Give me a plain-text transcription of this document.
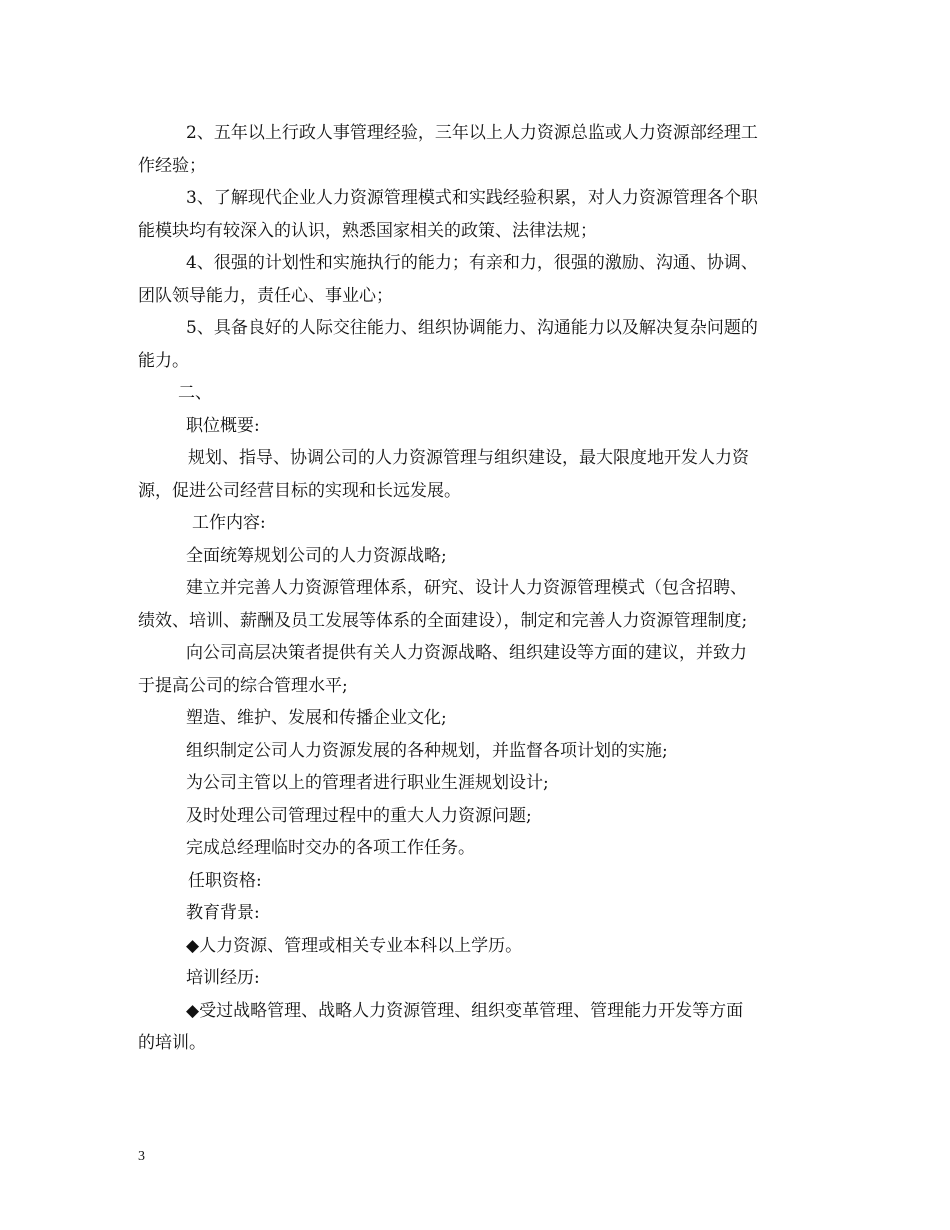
2、五年以上行政人事管理经验，三年以上人力资源总监或人力资源部经理工
作经验；
3、了解现代企业人力资源管理模式和实践经验积累，对人力资源管理各个职
能模块均有较深入的认识，熟悉国家相关的政策、法律法规；
4、很强的计划性和实施执行的能力；有亲和力，很强的激励、沟通、协调、
团队领导能力，责任心、事业心；
5、具备良好的人际交往能力、组织协调能力、沟通能力以及解决复杂问题的
能力。
二、
职位概要:
规划、指导、协调公司的人力资源管理与组织建设，最大限度地开发人力资
源，促进公司经营目标的实现和长远发展。
工作内容:
全面统筹规划公司的人力资源战略;
建立并完善人力资源管理体系，研究、设计人力资源管理模式（包含招聘、
绩效、培训、薪酬及员工发展等体系的全面建设），制定和完善人力资源管理制度;
向公司高层决策者提供有关人力资源战略、组织建设等方面的建议，并致力
于提高公司的综合管理水平;
塑造、维护、发展和传播企业文化;
组织制定公司人力资源发展的各种规划，并监督各项计划的实施;
为公司主管以上的管理者进行职业生涯规划设计;
及时处理公司管理过程中的重大人力资源问题;
完成总经理临时交办的各项工作任务。
任职资格:
教育背景:
◆人力资源、管理或相关专业本科以上学历。
培训经历:
◆受过战略管理、战略人力资源管理、组织变革管理、管理能力开发等方面
的培训。
3
